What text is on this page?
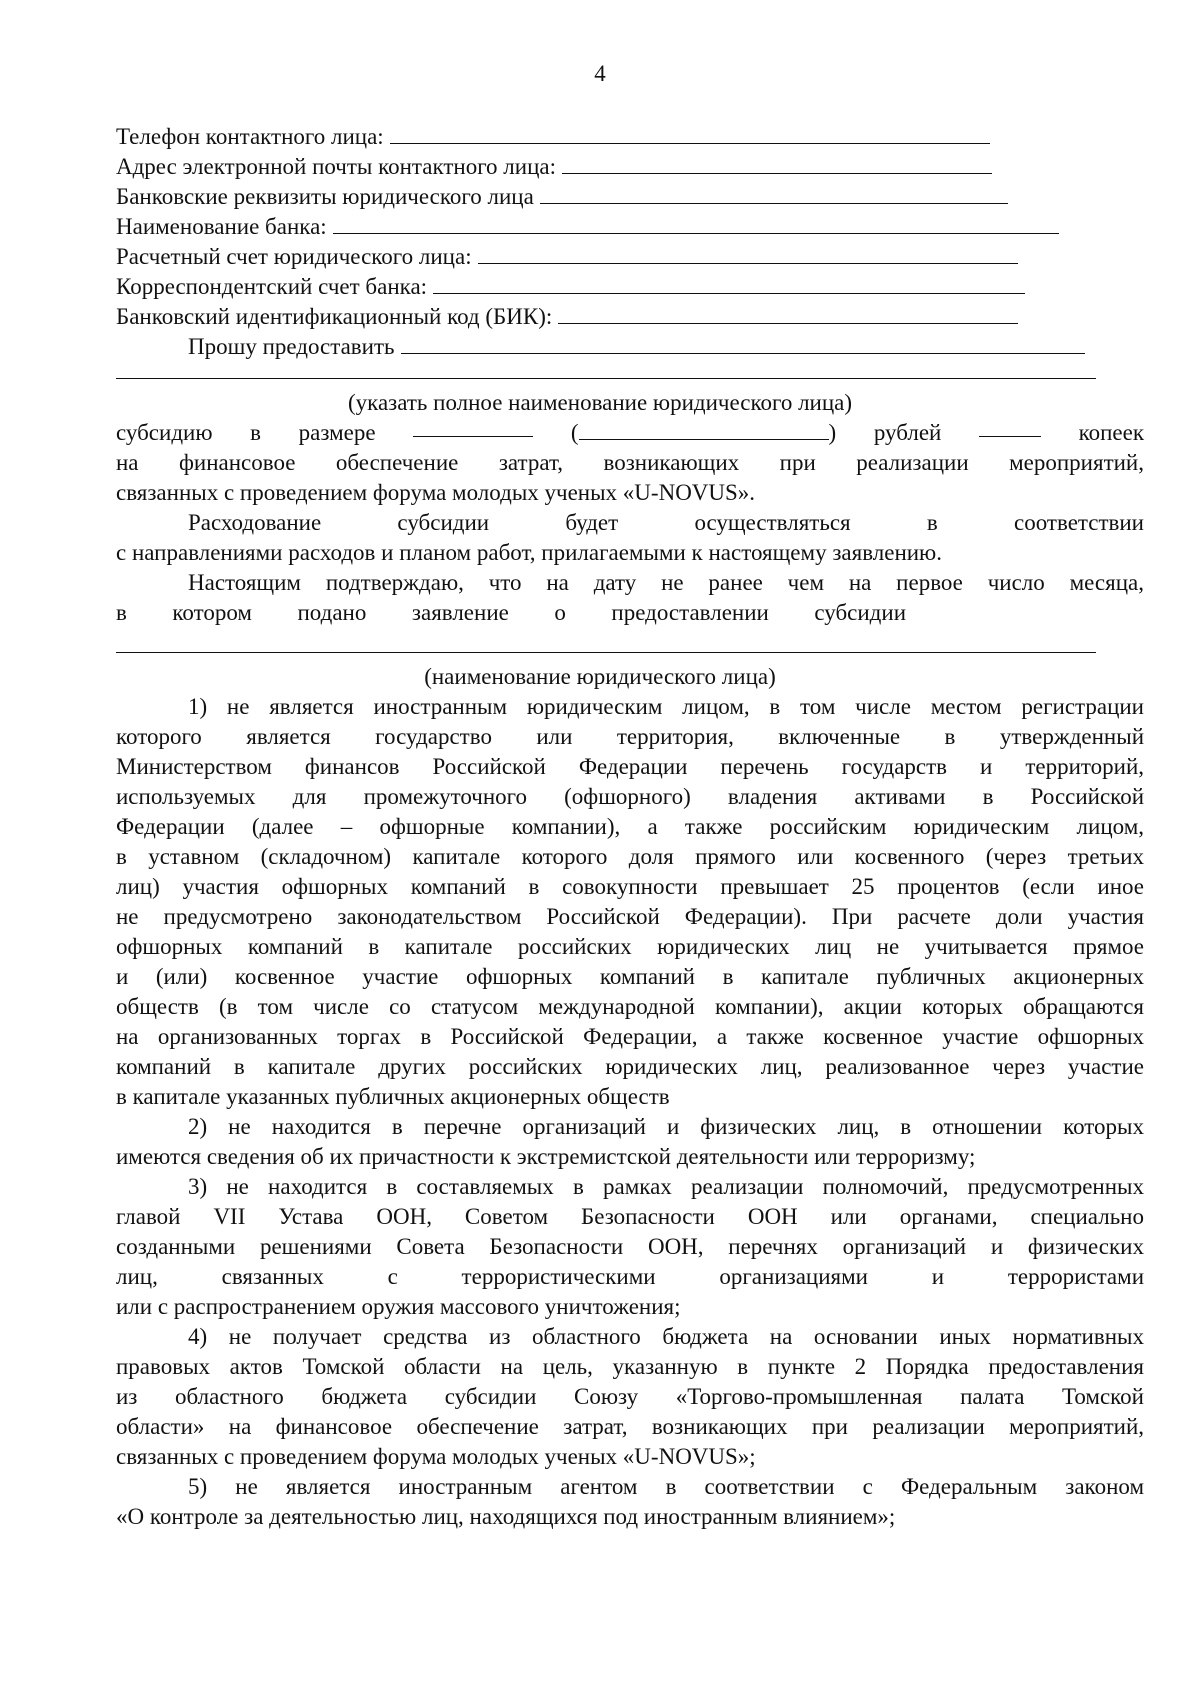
4
Телефон контактного лица:
Адрес электронной почты контактного лица:
Банковские реквизиты юридического лица
Наименование банка:
Расчетный счет юридического лица:
Корреспондентский счет банка:
Банковский идентификационный код (БИК):
Прошу предоставить
(указать полное наименование юридического лица)
субсидию в размере	(	) рублей	копеек
на финансовое обеспечение затрат, возникающих при реализации мероприятий,
связанных с проведением форума молодых ученых «U-NOVUS».
Расходование субсидии будет осуществляться в соответствии
с направлениями расходов и планом работ, прилагаемыми к настоящему заявлению.
Настоящим подтверждаю, что на дату не ранее чем на первое число месяца,
в котором подано заявление о предоставлении субсидии
(наименование юридического лица)
1) не является иностранным юридическим лицом, в том числе местом регистрации
которого является государство или территория, включенные в утвержденный
Министерством финансов Российской Федерации перечень государств и территорий,
используемых для промежуточного (офшорного) владения активами в Российской
Федерации (далее – офшорные компании), а также российским юридическим лицом,
в уставном (складочном) капитале которого доля прямого или косвенного (через третьих
лиц) участия офшорных компаний в совокупности превышает 25 процентов (если иное
не предусмотрено законодательством Российской Федерации). При расчете доли участия
офшорных компаний в капитале российских юридических лиц не учитывается прямое
и (или) косвенное участие офшорных компаний в капитале публичных акционерных
обществ (в том числе со статусом международной компании), акции которых обращаются
на организованных торгах в Российской Федерации, а также косвенное участие офшорных
компаний в капитале других российских юридических лиц, реализованное через участие
в капитале указанных публичных акционерных обществ
2) не находится в перечне организаций и физических лиц, в отношении которых
имеются сведения об их причастности к экстремистской деятельности или терроризму;
3) не находится в составляемых в рамках реализации полномочий, предусмотренных
главой VII Устава ООН, Советом Безопасности ООН или органами, специально
созданными решениями Совета Безопасности ООН, перечнях организаций и физических
лиц, связанных с террористическими организациями и террористами
или с распространением оружия массового уничтожения;
4) не получает средства из областного бюджета на основании иных нормативных
правовых актов Томской области на цель, указанную в пункте 2 Порядка предоставления
из областного бюджета субсидии Союзу «Торгово-промышленная палата Томской
области» на финансовое обеспечение затрат, возникающих при реализации мероприятий,
связанных с проведением форума молодых ученых «U-NOVUS»;
5) не является иностранным агентом в соответствии с Федеральным законом
«О контроле за деятельностью лиц, находящихся под иностранным влиянием»;
